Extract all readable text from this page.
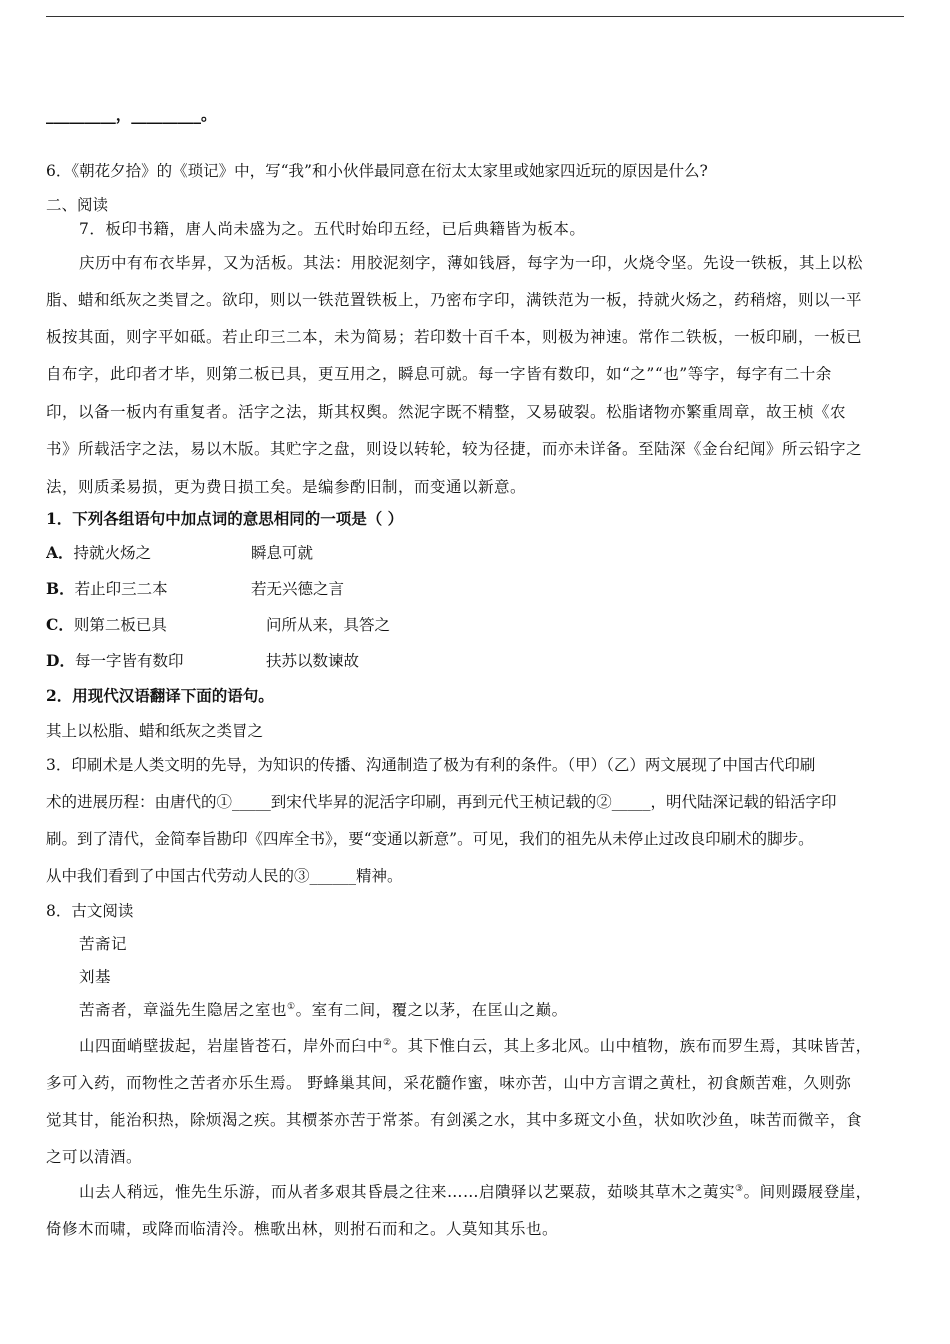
_________，_________。
6．《朝花夕拾》的《琐记》中，写“我”和小伙伴最同意在衍太太家里或她家四近玩的原因是什么?
二、阅读
7．板印书籍，唐人尚未盛为之。五代时始印五经，已后典籍皆为板本。
庆历中有布衣毕昇，又为活板。其法：用胶泥刻字，薄如钱唇，每字为一印，火烧令坚。先设一铁板，其上以松
脂、蜡和纸灰之类冒之。欲印，则以一铁范置铁板上，乃密布字印，满铁范为一板，持就火炀之，药稍熔，则以一平
板按其面，则字平如砥。若止印三二本，未为简易；若印数十百千本，则极为神速。常作二铁板，一板印刷，一板已
自布字，此印者才毕，则第二板已具，更互用之，瞬息可就。每一字皆有数印，如“之”“也”等字，每字有二十余
印，以备一板内有重复者。活字之法，斯其权舆。然泥字既不精整，又易破裂。松脂诸物亦繁重周章，故王桢《农
书》所载活字之法，易以木版。其贮字之盘，则设以转轮，较为径捷，而亦未详备。至陆深《金台纪闻》所云铅字之
法，则质柔易损，更为费日损工矣。是编参酌旧制，而变通以新意。
1．下列各组语句中加点词的意思相同的一项是（ ）
A．持就火炀之	瞬息可就
B．若止印三二本	若无兴德之言
C．则第二板已具	问所从来，具答之
D．每一字皆有数印	扶苏以数谏故
2．用现代汉语翻译下面的语句。
其上以松脂、蜡和纸灰之类冒之
3．印刷术是人类文明的先导，为知识的传播、沟通制造了极为有利的条件。（甲）（乙）两文展现了中国古代印刷
术的进展历程：由唐代的①_____到宋代毕昇的泥活字印刷，再到元代王桢记载的②_____，明代陆深记载的铅活字印
刷。到了清代，金简奉旨勘印《四库全书》，要“变通以新意”。可见，我们的祖先从未停止过改良印刷术的脚步。
从中我们看到了中国古代劳动人民的③______精神。
8．古文阅读
苦斋记
刘基
苦斋者，章溢先生隐居之室也①。室有二间，覆之以茅，在匡山之巅。
山四面峭壁拔起，岩崖皆苍石，岸外而臼中②。其下惟白云，其上多北风。山中植物，族布而罗生焉，其味皆苦，
多可入药，而物性之苦者亦乐生焉。 野蜂巢其间，采花髓作蜜，味亦苦，山中方言谓之黄杜，初食颇苦难，久则弥
觉其甘，能治积热，除烦渴之疾。其槚茶亦苦于常茶。有剑溪之水，其中多斑文小鱼，状如吹沙鱼，味苦而微辛，食
之可以清酒。
山去人稍远，惟先生乐游，而从者多艰其昏晨之往来……启隤驿以艺粟菽，茹啖其草木之荑实③。间则蹑屐登崖，
倚修木而啸，或降而临清泠。樵歌出林，则拊石而和之。人莫知其乐也。
